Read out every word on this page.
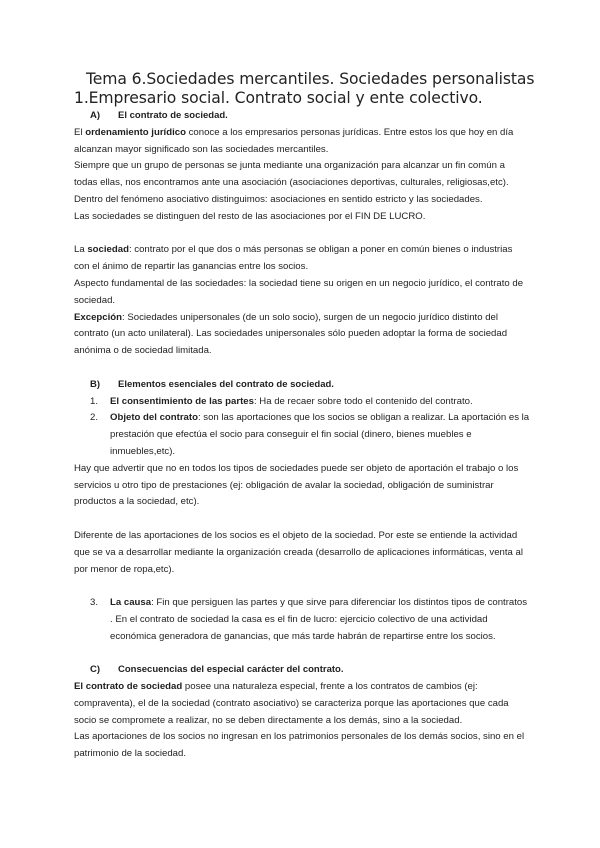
Tema 6.Sociedades mercantiles. Sociedades personalistas
1.Empresario social. Contrato social y ente colectivo.

A) El contrato de sociedad.

El ordenamiento jurídico conoce a los empresarios personas jurídicas. Entre estos los que hoy en día alcanzan mayor significado son las sociedades mercantiles.

Siempre que un grupo de personas se junta mediante una organización para alcanzar un fin común a todas ellas, nos encontramos ante una asociación (asociaciones deportivas, culturales, religiosas,etc).

Dentro del fenómeno asociativo distinguimos: asociaciones en sentido estricto y las sociedades.

Las sociedades se distinguen del resto de las asociaciones por el FIN DE LUCRO.

La sociedad: contrato por el que dos o más personas se obligan a poner en común bienes o industrias con el ánimo de repartir las ganancias entre los socios.

Aspecto fundamental de las sociedades: la sociedad tiene su origen en un negocio jurídico, el contrato de sociedad.

Excepción: Sociedades unipersonales (de un solo socio), surgen de un negocio jurídico distinto del contrato (un acto unilateral). Las sociedades unipersonales sólo pueden adoptar la forma de sociedad anónima o de sociedad limitada.

B) Elementos esenciales del contrato de sociedad.

1. El consentimiento de las partes: Ha de recaer sobre todo el contenido del contrato.
2. Objeto del contrato: son las aportaciones que los socios se obligan a realizar. La aportación es la prestación que efectúa el socio para conseguir el fin social (dinero, bienes muebles e inmuebles,etc).

Hay que advertir que no en todos los tipos de sociedades puede ser objeto de aportación el trabajo o los servicios u otro tipo de prestaciones (ej: obligación de avalar la sociedad, obligación de suministrar productos a la sociedad, etc).

Diferente de las aportaciones de los socios es el objeto de la sociedad. Por este se entiende la actividad que se va a desarrollar mediante la organización creada (desarrollo de aplicaciones informáticas, venta al por menor de ropa,etc).

3. La causa: Fin que persiguen las partes y que sirve para diferenciar los distintos tipos de contratos . En el contrato de sociedad la casa es el fin de lucro: ejercicio colectivo de una actividad económica generadora de ganancias, que más tarde habrán de repartirse entre los socios.

C) Consecuencias del especial carácter del contrato.

El contrato de sociedad posee una naturaleza especial, frente a los contratos de cambios (ej: compraventa), el de la sociedad (contrato asociativo) se caracteriza porque las aportaciones que cada socio se compromete a realizar, no se deben directamente a los demás, sino a la sociedad.

Las aportaciones de los socios no ingresan en los patrimonios personales de los demás socios, sino en el patrimonio de la sociedad.
